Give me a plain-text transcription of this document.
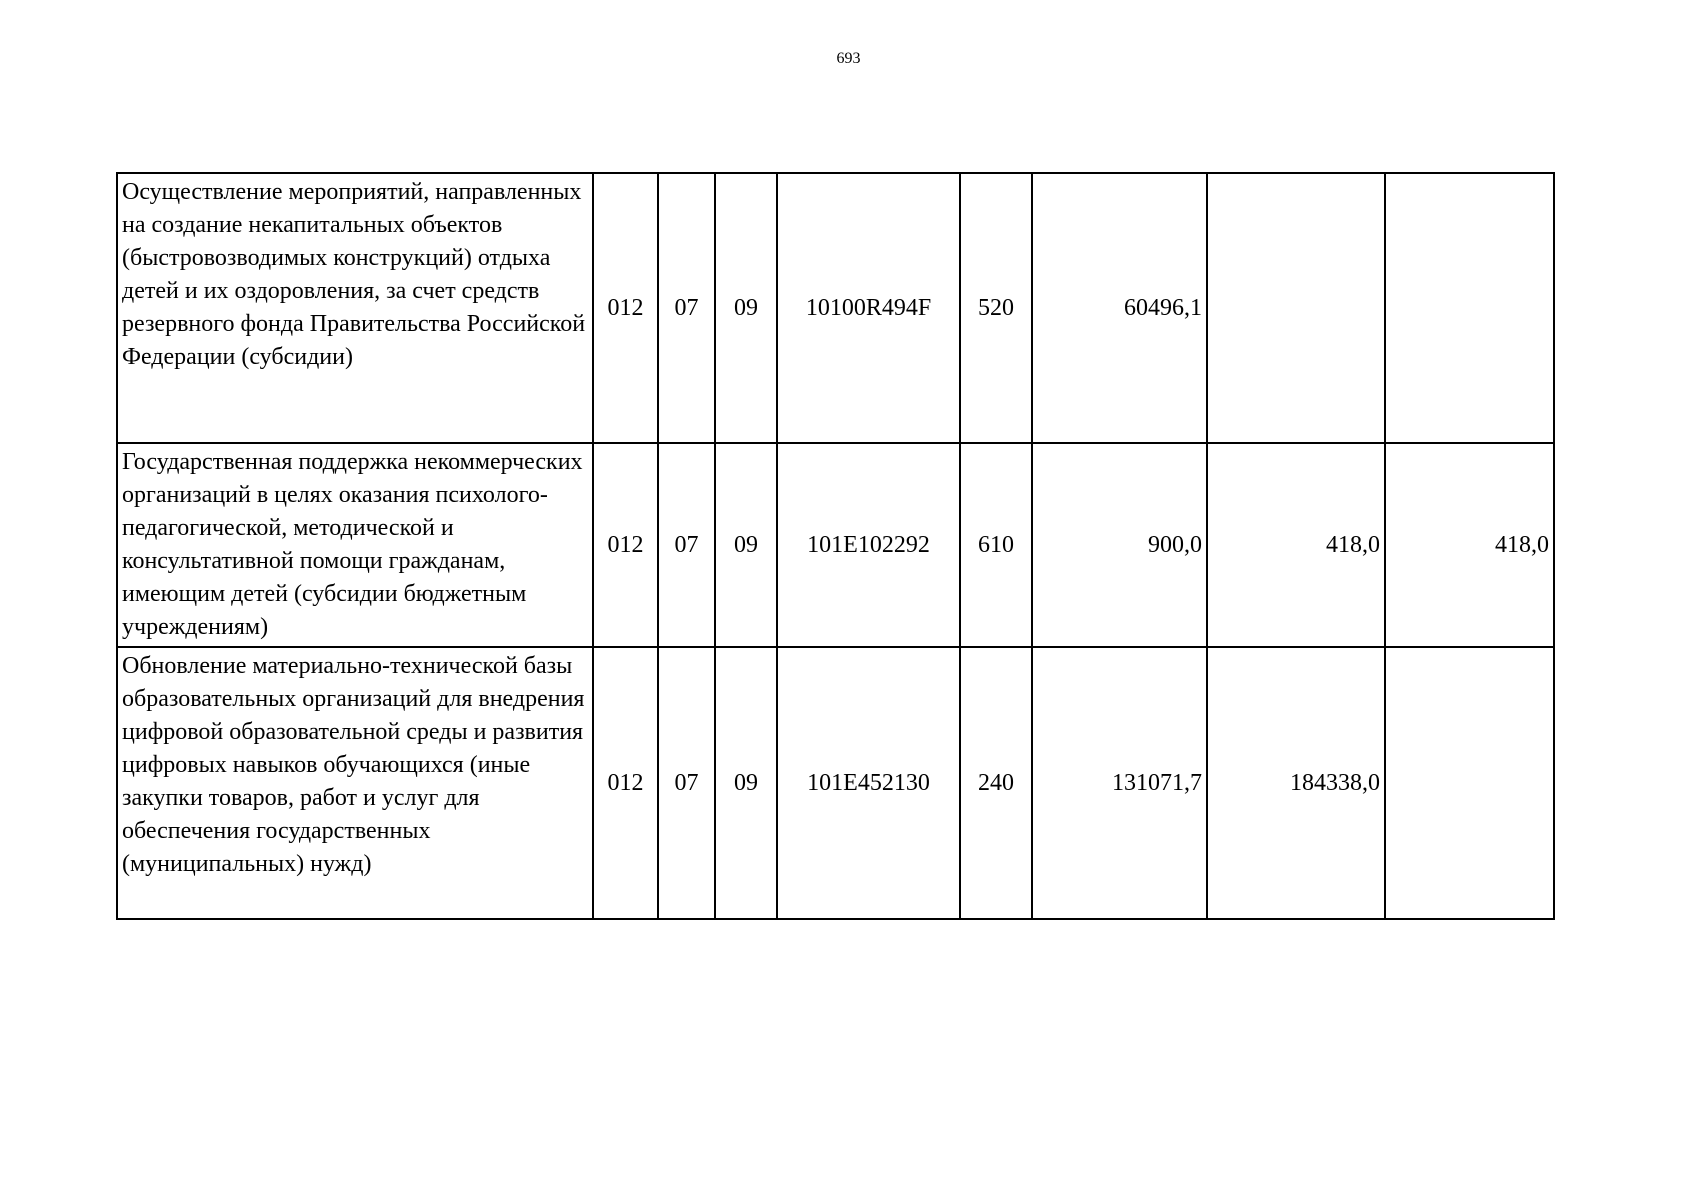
693
Осуществление мероприятий, направленных на создание некапитальных объектов (быстровозводимых конструкций) отдыха детей и их оздоровления, за счет средств резервного фонда Правительства Российской Федерации (субсидии)	012	07	09	10100R494F	520	60496,1		
Государственная поддержка некоммерческих организаций в целях оказания психолого-педагогической, методической и консультативной помощи гражданам, имеющим детей (субсидии бюджетным учреждениям)	012	07	09	101E102292	610	900,0	418,0	418,0
Обновление материально-технической базы образовательных организаций для внедрения цифровой образовательной среды и развития цифровых навыков обучающихся (иные закупки товаров, работ и услуг для обеспечения государственных (муниципальных) нужд)	012	07	09	101E452130	240	131071,7	184338,0	
